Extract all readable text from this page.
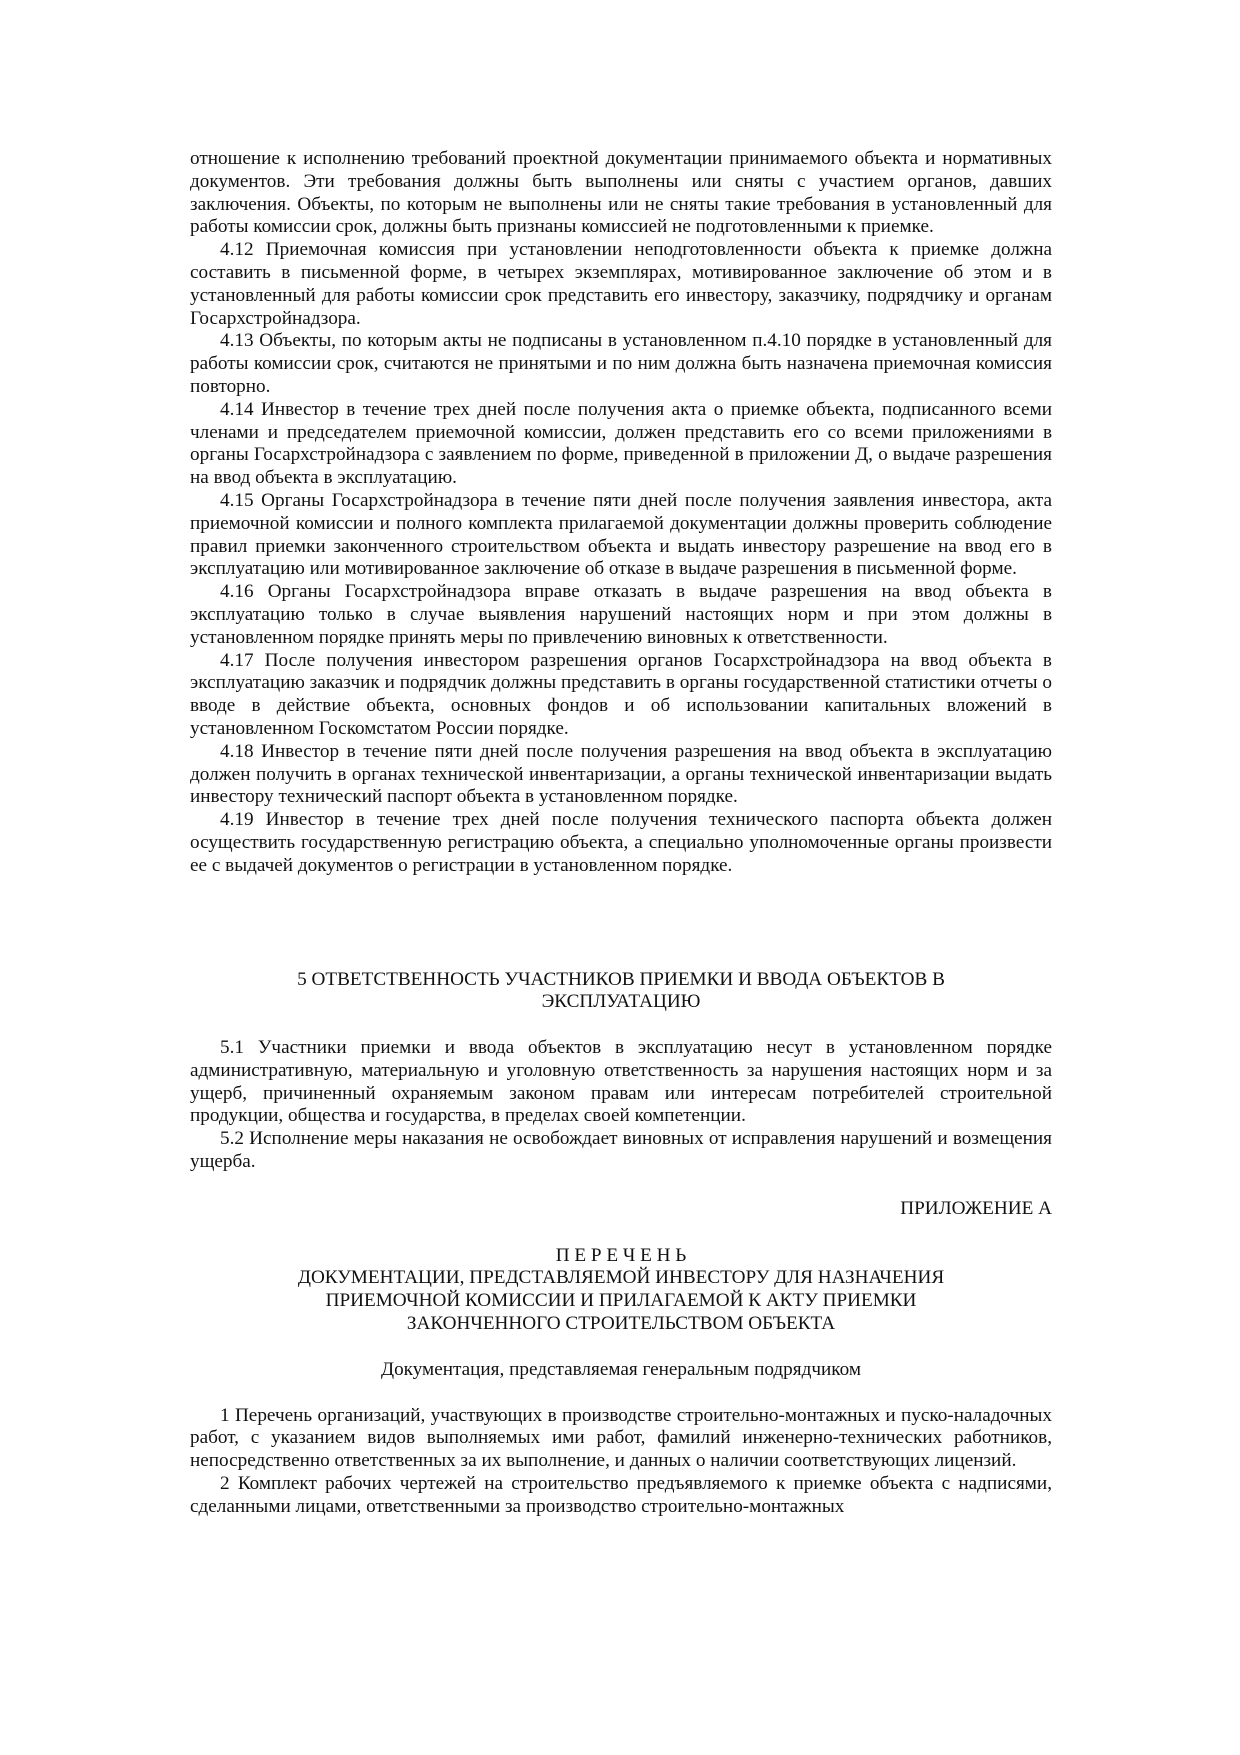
отношение к исполнению требований проектной документации принимаемого объекта и нормативных документов. Эти требования должны быть выполнены или сняты с участием органов, давших заключения. Объекты, по которым не выполнены или не сняты такие требования в установленный для работы комиссии срок, должны быть признаны комиссией не подготовленными к приемке.

4.12 Приемочная комиссия при установлении неподготовленности объекта к приемке должна составить в письменной форме, в четырех экземплярах, мотивированное заключение об этом и в установленный для работы комиссии срок представить его инвестору, заказчику, подрядчику и органам Госархстройнадзора.

4.13 Объекты, по которым акты не подписаны в установленном п.4.10 порядке в установленный для работы комиссии срок, считаются не принятыми и по ним должна быть назначена приемочная комиссия повторно.

4.14 Инвестор в течение трех дней после получения акта о приемке объекта, подписанного всеми членами и председателем приемочной комиссии, должен представить его со всеми приложениями в органы Госархстройнадзора с заявлением по форме, приведенной в приложении Д, о выдаче разрешения на ввод объекта в эксплуатацию.

4.15 Органы Госархстройнадзора в течение пяти дней после получения заявления инвестора, акта приемочной комиссии и полного комплекта прилагаемой документации должны проверить соблюдение правил приемки законченного строительством объекта и выдать инвестору разрешение на ввод его в эксплуатацию или мотивированное заключение об отказе в выдаче разрешения в письменной форме.

4.16 Органы Госархстройнадзора вправе отказать в выдаче разрешения на ввод объекта в эксплуатацию только в случае выявления нарушений настоящих норм и при этом должны в установленном порядке принять меры по привлечению виновных к ответственности.

4.17 После получения инвестором разрешения органов Госархстройнадзора на ввод объекта в эксплуатацию заказчик и подрядчик должны представить в органы государственной статистики отчеты о вводе в действие объекта, основных фондов и об использовании капитальных вложений в установленном Госкомстатом России порядке.

4.18 Инвестор в течение пяти дней после получения разрешения на ввод объекта в эксплуатацию должен получить в органах технической инвентаризации, а органы технической инвентаризации выдать инвестору технический паспорт объекта в установленном порядке.

4.19 Инвестор в течение трех дней после получения технического паспорта объекта должен осуществить государственную регистрацию объекта, а специально уполномоченные органы произвести ее с выдачей документов о регистрации в установленном порядке.

5 ОТВЕТСТВЕННОСТЬ УЧАСТНИКОВ ПРИЕМКИ И ВВОДА ОБЪЕКТОВ В ЭКСПЛУАТАЦИЮ

5.1 Участники приемки и ввода объектов в эксплуатацию несут в установленном порядке административную, материальную и уголовную ответственность за нарушения настоящих норм и за ущерб, причиненный охраняемым законом правам или интересам потребителей строительной продукции, общества и государства, в пределах своей компетенции.

5.2 Исполнение меры наказания не освобождает виновных от исправления нарушений и возмещения ущерба.

ПРИЛОЖЕНИЕ А

П Е Р Е Ч Е Н Ь

ДОКУМЕНТАЦИИ, ПРЕДСТАВЛЯЕМОЙ ИНВЕСТОРУ ДЛЯ НАЗНАЧЕНИЯ

ПРИЕМОЧНОЙ КОМИССИИ И ПРИЛАГАЕМОЙ К АКТУ ПРИЕМКИ

ЗАКОНЧЕННОГО СТРОИТЕЛЬСТВОМ ОБЪЕКТА

Документация, представляемая генеральным подрядчиком

1 Перечень организаций, участвующих в производстве строительно-монтажных и пуско-наладочных работ, с указанием видов выполняемых ими работ, фамилий инженерно-технических работников, непосредственно ответственных за их выполнение, и данных о наличии соответствующих лицензий.

2 Комплект рабочих чертежей на строительство предъявляемого к приемке объекта с надписями, сделанными лицами, ответственными за производство строительно-монтажных
